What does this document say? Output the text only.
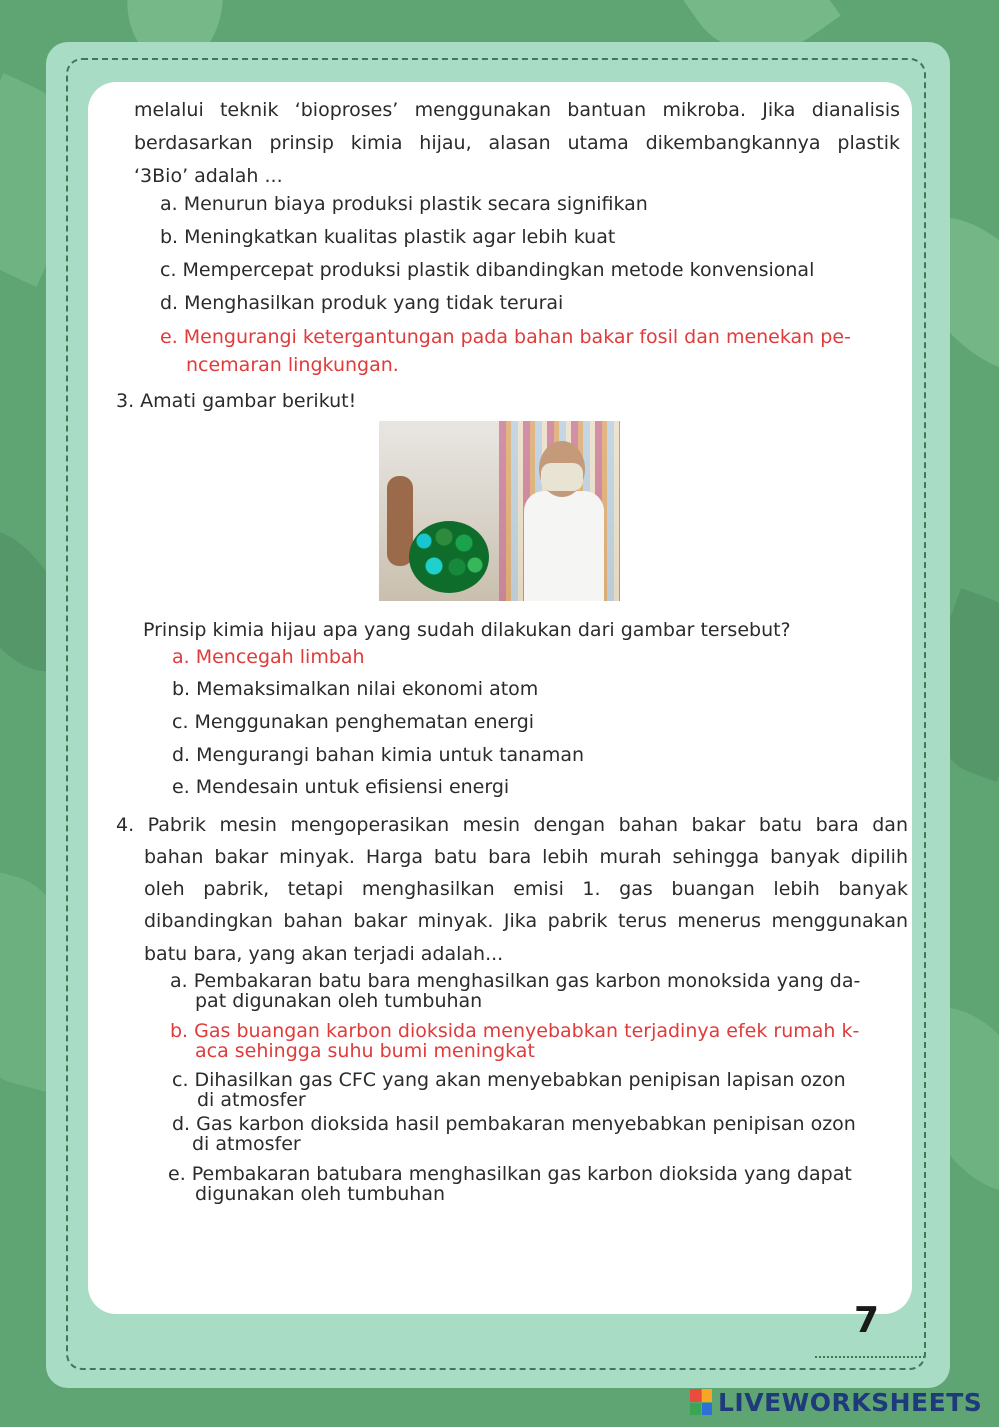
melalui teknik ‘bioproses’ menggunakan bantuan mikroba. Jika dianalisis
berdasarkan prinsip kimia hijau, alasan utama dikembangkannya plastik
‘3Bio’ adalah ...
a. Menurun biaya produksi plastik secara signifikan
b. Meningkatkan kualitas plastik agar lebih kuat
c. Mempercepat produksi plastik dibandingkan metode konvensional
d. Menghasilkan produk yang tidak terurai
e. Mengurangi ketergantungan pada bahan bakar fosil dan menekan pe-
ncemaran lingkungan.
3. Amati gambar berikut!
Prinsip kimia hijau apa yang sudah dilakukan dari gambar tersebut?
a. Mencegah limbah
b. Memaksimalkan nilai ekonomi atom
c. Menggunakan penghematan energi
d. Mengurangi bahan kimia untuk tanaman
e. Mendesain untuk efisiensi energi
4. Pabrik mesin mengoperasikan mesin dengan bahan bakar batu bara dan
bahan bakar minyak. Harga batu bara lebih murah sehingga banyak dipilih
oleh pabrik, tetapi menghasilkan emisi 1. gas buangan lebih banyak
dibandingkan bahan bakar minyak. Jika pabrik terus menerus menggunakan
batu bara, yang akan terjadi adalah...
a. Pembakaran batu bara menghasilkan gas karbon monoksida yang da-
pat digunakan oleh tumbuhan
b. Gas buangan karbon dioksida menyebabkan terjadinya efek rumah k-
aca sehingga suhu bumi meningkat
c. Dihasilkan gas CFC yang akan menyebabkan penipisan lapisan ozon
di atmosfer
d. Gas karbon dioksida hasil pembakaran menyebabkan penipisan ozon
di atmosfer
e. Pembakaran batubara menghasilkan gas karbon dioksida yang dapat
digunakan oleh tumbuhan
7
LIVEWORKSHEETS
